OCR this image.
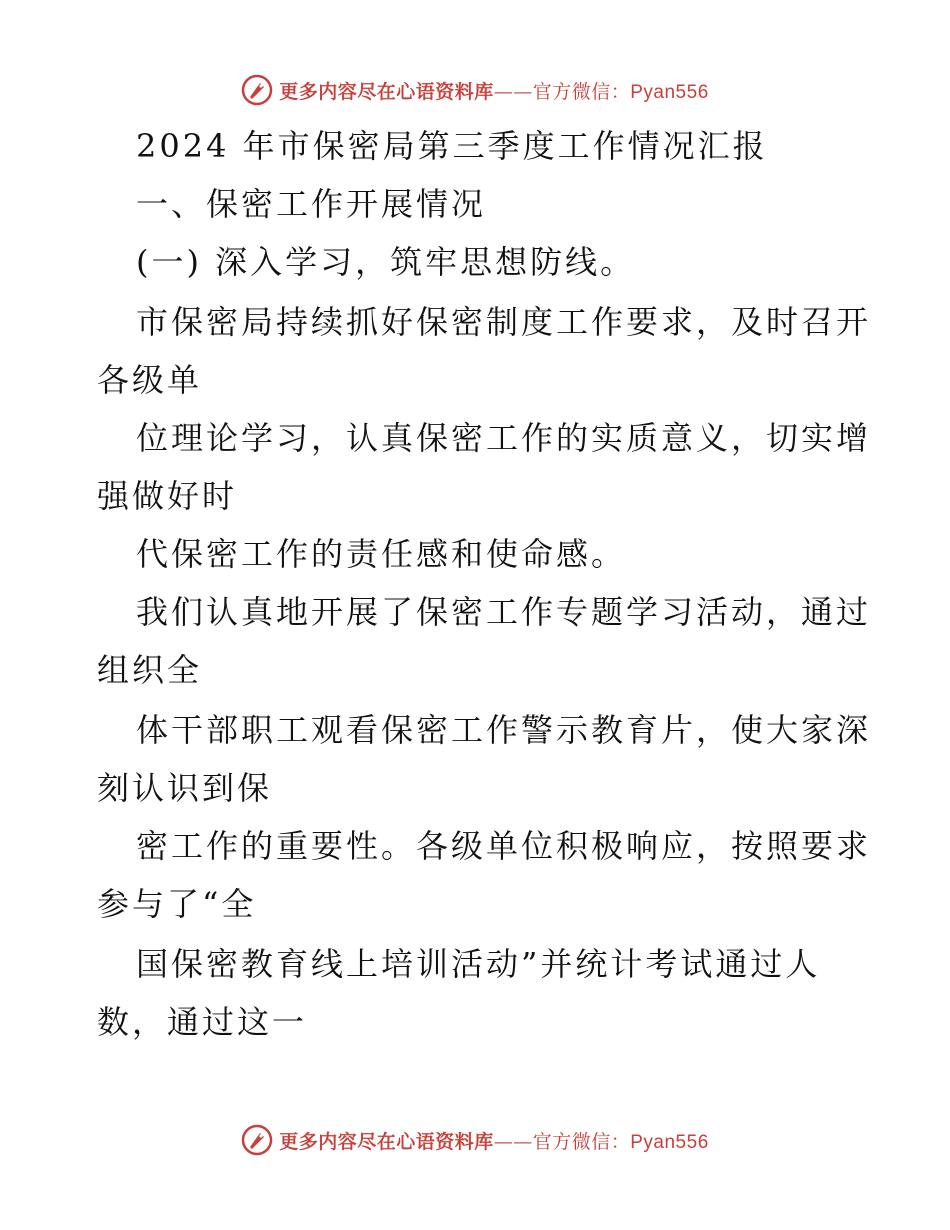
更多内容尽在心语资料库——官方微信：Pyan556
2024 年市保密局第三季度工作情况汇报
一、保密工作开展情况
(一) 深入学习，筑牢思想防线。
市保密局持续抓好保密制度工作要求，及时召开
各级单
位理论学习，认真保密工作的实质意义，切实增
强做好时
代保密工作的责任感和使命感。
我们认真地开展了保密工作专题学习活动，通过
组织全
体干部职工观看保密工作警示教育片，使大家深
刻认识到保
密工作的重要性。各级单位积极响应，按照要求
参与了“全
国保密教育线上培训活动”并统计考试通过人
数，通过这一
更多内容尽在心语资料库——官方微信：Pyan556
